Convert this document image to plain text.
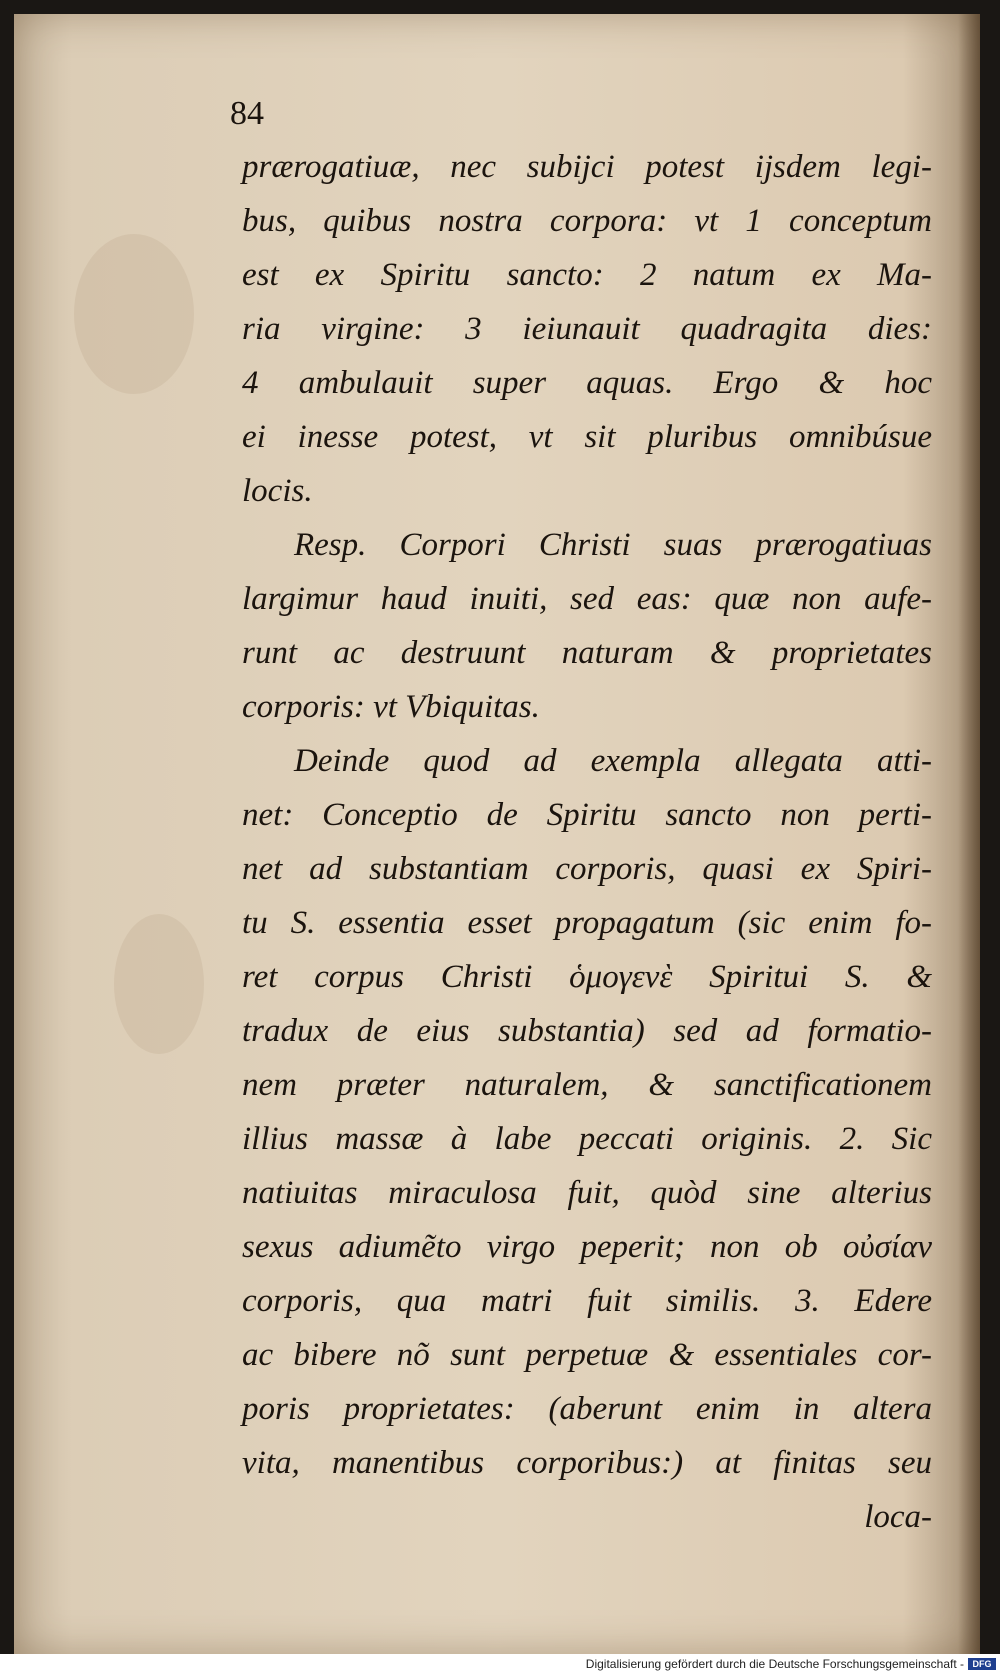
84
prærogatiuæ, nec subijci potest ijsdem legi-
bus, quibus nostra corpora: vt 1 conceptum
est ex Spiritu sancto: 2 natum ex Ma-
ria virgine: 3 ieiunauit quadragita dies:
4 ambulauit super aquas. Ergo & hoc
ei inesse potest, vt sit pluribus omnibúsue
locis.
Resp. Corpori Christi suas prærogatiuas
largimur haud inuiti, sed eas: quæ non aufe-
runt ac destruunt naturam & proprietates
corporis: vt Vbiquitas.
Deinde quod ad exempla allegata atti-
net: Conceptio de Spiritu sancto non perti-
net ad substantiam corporis, quasi ex Spiri-
tu S. essentia esset propagatum (sic enim fo-
ret corpus Christi ὁμογενὲ Spiritui S. &
tradux de eius substantia) sed ad formatio-
nem præter naturalem, & sanctificationem
illius massæ à labe peccati originis. 2. Sic
natiuitas miraculosa fuit, quòd sine alterius
sexus adiumẽto virgo peperit; non ob οὐσίαν
corporis, qua matri fuit similis. 3. Edere
ac bibere nõ sunt perpetuæ & essentiales cor-
poris proprietates: (aberunt enim in altera
vita, manentibus corporibus:) at finitas seu
loca-
Digitalisierung gefördert durch die Deutsche Forschungsgemeinschaft - DFG
